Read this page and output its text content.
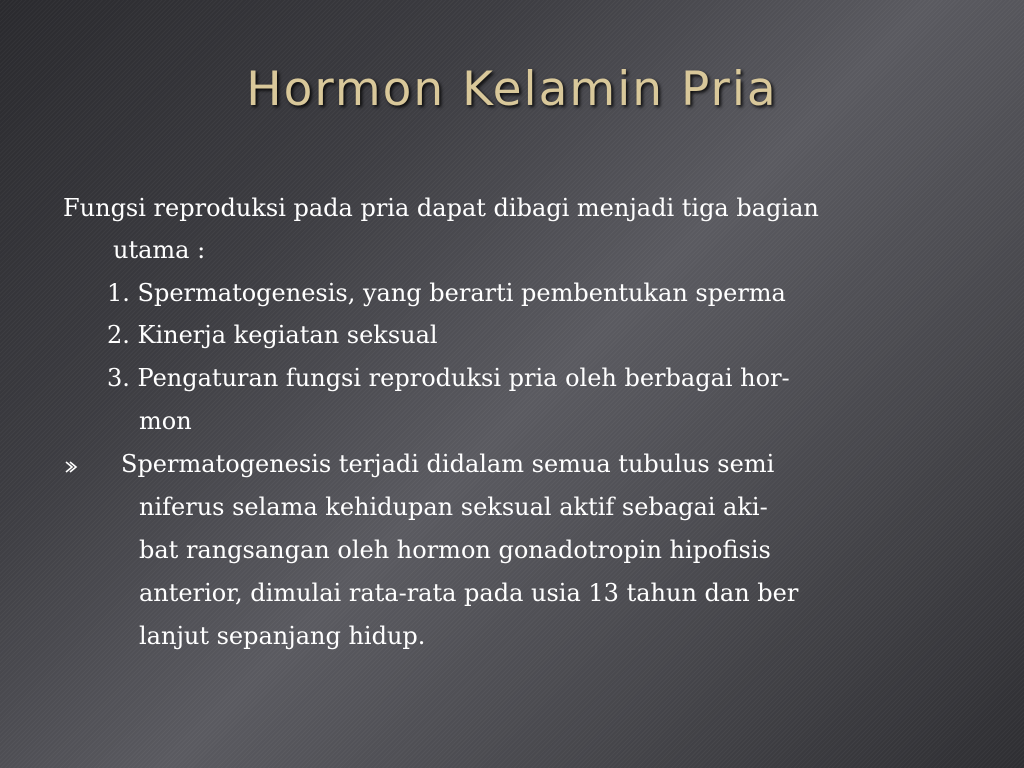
Hormon Kelamin Pria
Fungsi reproduksi pada pria dapat dibagi menjadi tiga bagian
utama :
1. Spermatogenesis, yang berarti pembentukan sperma
2. Kinerja kegiatan seksual
3. Pengaturan fungsi reproduksi pria oleh berbagai hor-
mon
Spermatogenesis terjadi didalam semua tubulus semi
niferus selama kehidupan seksual aktif sebagai aki-
bat rangsangan oleh hormon gonadotropin hipofisis
anterior, dimulai rata-rata pada usia 13 tahun dan ber
lanjut sepanjang hidup.
